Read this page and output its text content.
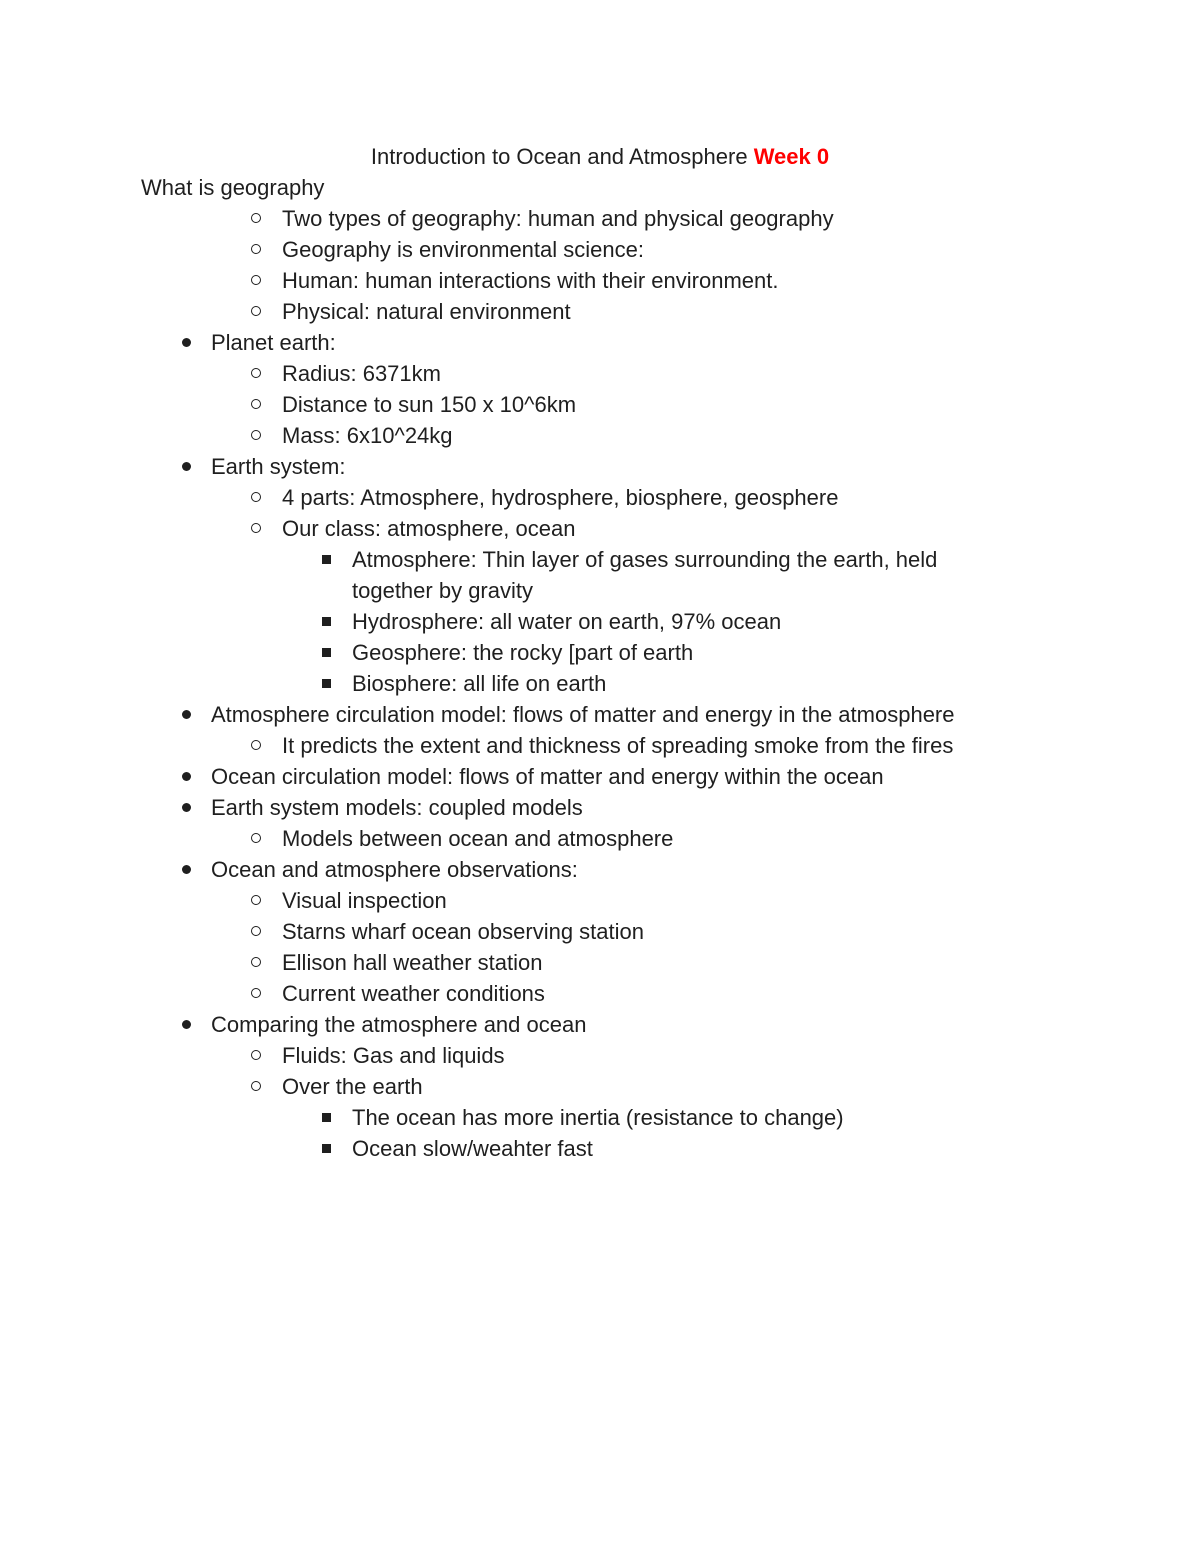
Introduction to Ocean and Atmosphere Week 0
What is geography
Two types of geography: human and physical geography
Geography is environmental science:
Human: human interactions with their environment.
Physical: natural environment
Planet earth:
Radius: 6371km
Distance to sun 150 x 10^6km
Mass: 6x10^24kg
Earth system:
4 parts: Atmosphere, hydrosphere, biosphere, geosphere
Our class: atmosphere, ocean
Atmosphere: Thin layer of gases surrounding the earth, held together by gravity
Hydrosphere: all water on earth, 97% ocean
Geosphere: the rocky [part of earth
Biosphere: all life on earth
Atmosphere circulation model: flows of matter and energy in the atmosphere
It predicts the extent and thickness of spreading smoke from the fires
Ocean circulation model: flows of matter and energy within the ocean
Earth system models: coupled models
Models between ocean and atmosphere
Ocean and atmosphere observations:
Visual inspection
Starns wharf ocean observing station
Ellison hall weather station
Current weather conditions
Comparing the atmosphere and ocean
Fluids: Gas and liquids
Over the earth
The ocean has more inertia (resistance to change)
Ocean slow/weahter fast
